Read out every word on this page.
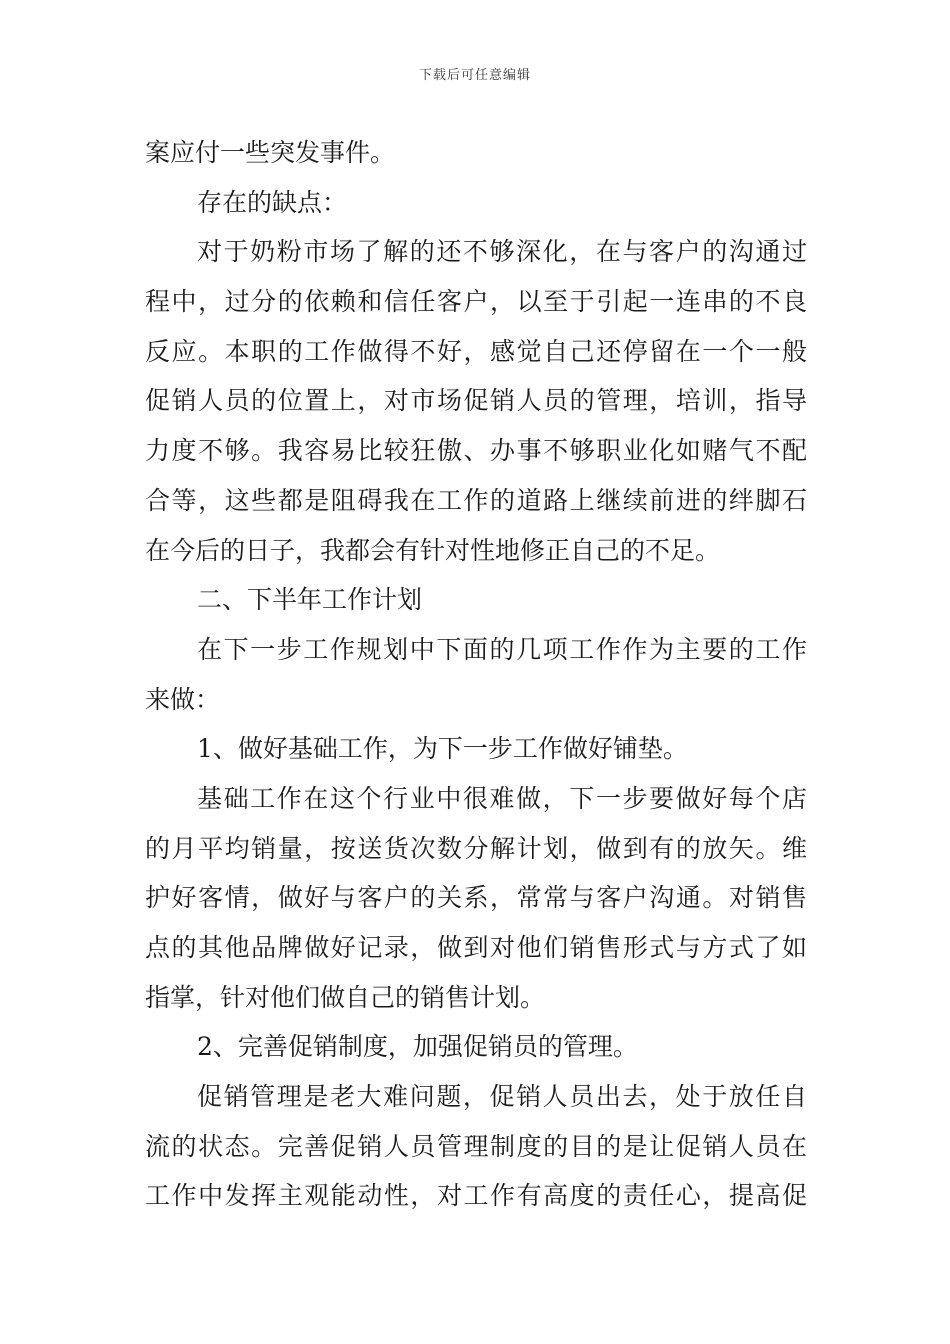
下载后可任意编辑
案应付一些突发事件。
存在的缺点：
对于奶粉市场了解的还不够深化，在与客户的沟通过
程中，过分的依赖和信任客户，以至于引起一连串的不良
反应。本职的工作做得不好，感觉自己还停留在一个一般
促销人员的位置上，对市场促销人员的管理，培训，指导
力度不够。我容易比较狂傲、办事不够职业化如赌气不配
合等，这些都是阻碍我在工作的道路上继续前进的绊脚石
在今后的日子，我都会有针对性地修正自己的不足。
二、下半年工作计划
在下一步工作规划中下面的几项工作作为主要的工作
来做：
1、做好基础工作，为下一步工作做好铺垫。
基础工作在这个行业中很难做，下一步要做好每个店
的月平均销量，按送货次数分解计划，做到有的放矢。维
护好客情，做好与客户的关系，常常与客户沟通。对销售
点的其他品牌做好记录，做到对他们销售形式与方式了如
指掌，针对他们做自己的销售计划。
2、完善促销制度，加强促销员的管理。
促销管理是老大难问题，促销人员出去，处于放任自
流的状态。完善促销人员管理制度的目的是让促销人员在
工作中发挥主观能动性，对工作有高度的责任心，提高促
